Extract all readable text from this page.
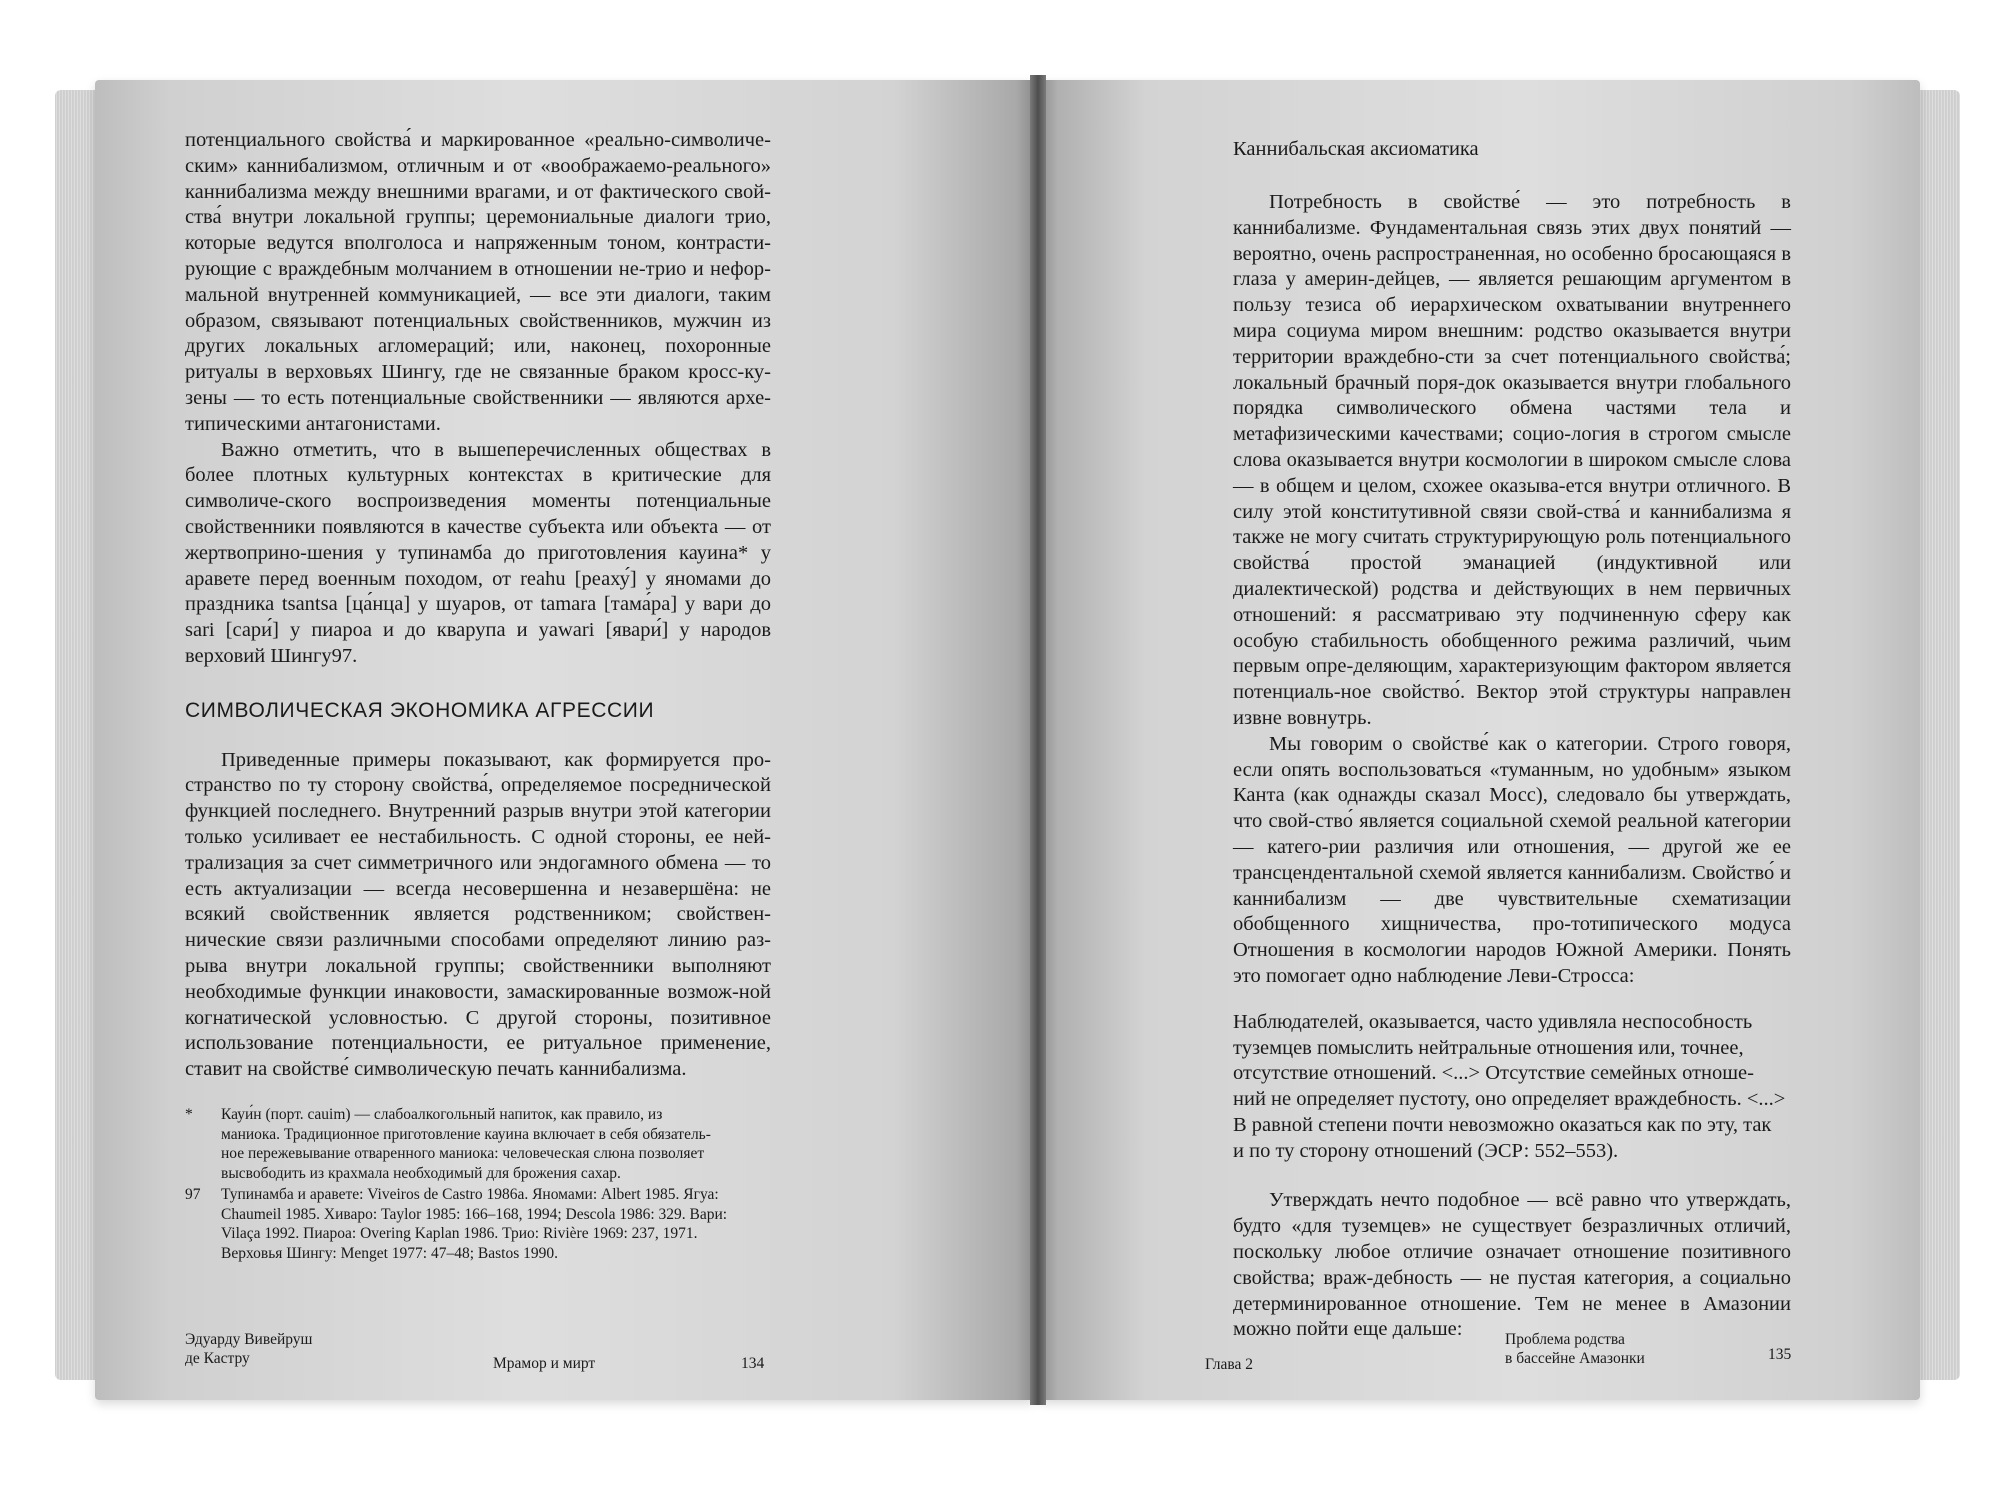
потенциального свойства́ и маркированное «реально-символиче-ским» каннибализмом, отличным и от «воображаемо-реального» каннибализма между внешними врагами, и от фактического свой-ства́ внутри локальной группы; церемониальные диалоги трио, которые ведутся вполголоса и напряженным тоном, контрасти-рующие с враждебным молчанием в отношении не-трио и нефор-мальной внутренней коммуникацией, — все эти диалоги, таким образом, связывают потенциальных свойственников, мужчин из других локальных агломераций; или, наконец, похоронные ритуалы в верховьях Шингу, где не связанные браком кросс-ку-зены — то есть потенциальные свойственники — являются архе-типическими антагонистами.

Важно отметить, что в вышеперечисленных обществах в более плотных культурных контекстах в критические для символиче-ского воспроизведения моменты потенциальные свойственники появляются в качестве субъекта или объекта — от жертвоприно-шения у тупинамба до приготовления кауина* у аравете перед военным походом, от reahu [реаху́] у яномами до праздника tsantsa [ца́нца] у шуаров, от tamara [тама́ра] у вари до sari [сари́] у пиароа и до кварупа и yawari [явари́] у народов верховий Шингу97.

СИМВОЛИЧЕСКАЯ ЭКОНОМИКА АГРЕССИИ

Приведенные примеры показывают, как формируется про-странство по ту сторону свойства́, определяемое посреднической функцией последнего. Внутренний разрыв внутри этой категории только усиливает ее нестабильность. С одной стороны, ее ней-трализация за счет симметричного или эндогамного обмена — то есть актуализации — всегда несовершенна и незавершёна: не всякий свойственник является родственником; свойствен-нические связи различными способами определяют линию раз-рыва внутри локальной группы; свойственники выполняют необходимые функции инаковости, замаскированные возмож-ной когнатической условностью. С другой стороны, позитивное использование потенциальности, ее ритуальное применение, ставит на свойстве́ символическую печать каннибализма.

*	Кауи́н (порт. cauim) — слабоалкогольный напиток, как правило, из
маниока. Традиционное приготовление кауина включает в себя обязатель-
ное пережевывание отваренного маниока: человеческая слюна позволяет
высвободить из крахмала необходимый для брожения сахар.
97	Тупинамба и аравете: Viveiros de Castro 1986a. Яномами: Albert 1985. Ягуа:
Chaumeil 1985. Хиваро: Taylor 1985: 166–168, 1994; Descola 1986: 329. Вари:
Vilaça 1992. Пиароа: Overing Kaplan 1986. Трио: Rivière 1969: 237, 1971.
Верховья Шингу: Menget 1977: 47–48; Bastos 1990.
Эдуарду Вивейруш
де Кастру	Мрамор и мирт	134
Каннибальская аксиоматика

Потребность в свойстве́ — это потребность в каннибализме. Фундаментальная связь этих двух понятий — вероятно, очень распространенная, но особенно бросающаяся в глаза у америн-дейцев, — является решающим аргументом в пользу тезиса об иерархическом охватывании внутреннего мира социума миром внешним: родство оказывается внутри территории враждебно-сти за счет потенциального свойства́; локальный брачный поря-док оказывается внутри глобального порядка символического обмена частями тела и метафизическими качествами; социо-логия в строгом смысле слова оказывается внутри космологии в широком смысле слова — в общем и целом, схожее оказыва-ется внутри отличного. В силу этой конститутивной связи свой-ства́ и каннибализма я также не могу считать структурирующую роль потенциального свойства́ простой эманацией (индуктивной или диалектической) родства и действующих в нем первичных отношений: я рассматриваю эту подчиненную сферу как особую стабильность обобщенного режима различий, чьим первым опре-деляющим, характеризующим фактором является потенциаль-ное свойство́. Вектор этой структуры направлен извне вовнутрь.

Мы говорим о свойстве́ как о категории. Строго говоря, если опять воспользоваться «туманным, но удобным» языком Канта (как однажды сказал Мосс), следовало бы утверждать, что свой-ство́ является социальной схемой реальной категории — катего-рии различия или отношения, — другой же ее трансцендентальной схемой является каннибализм. Свойство́ и каннибализм — две чувствительные схематизации обобщенного хищничества, про-тотипического модуса Отношения в космологии народов Южной Америки. Понять это помогает одно наблюдение Леви-Стросса:

Наблюдателей, оказывается, часто удивляла неспособность
туземцев помыслить нейтральные отношения или, точнее,
отсутствие отношений. <...> Отсутствие семейных отноше-
ний не определяет пустоту, оно определяет враждебность. <...>
В равной степени почти невозможно оказаться как по эту, так
и по ту сторону отношений (ЭСР: 552–553).

Утверждать нечто подобное — всё равно что утверждать, будто «для туземцев» не существует безразличных отличий, поскольку любое отличие означает отношение позитивного свойства; враж-дебность — не пустая категория, а социально детерминированное отношение. Тем не менее в Амазонии можно пойти еще дальше:

Глава 2
Проблема родства
в бассейне Амазонки	135
